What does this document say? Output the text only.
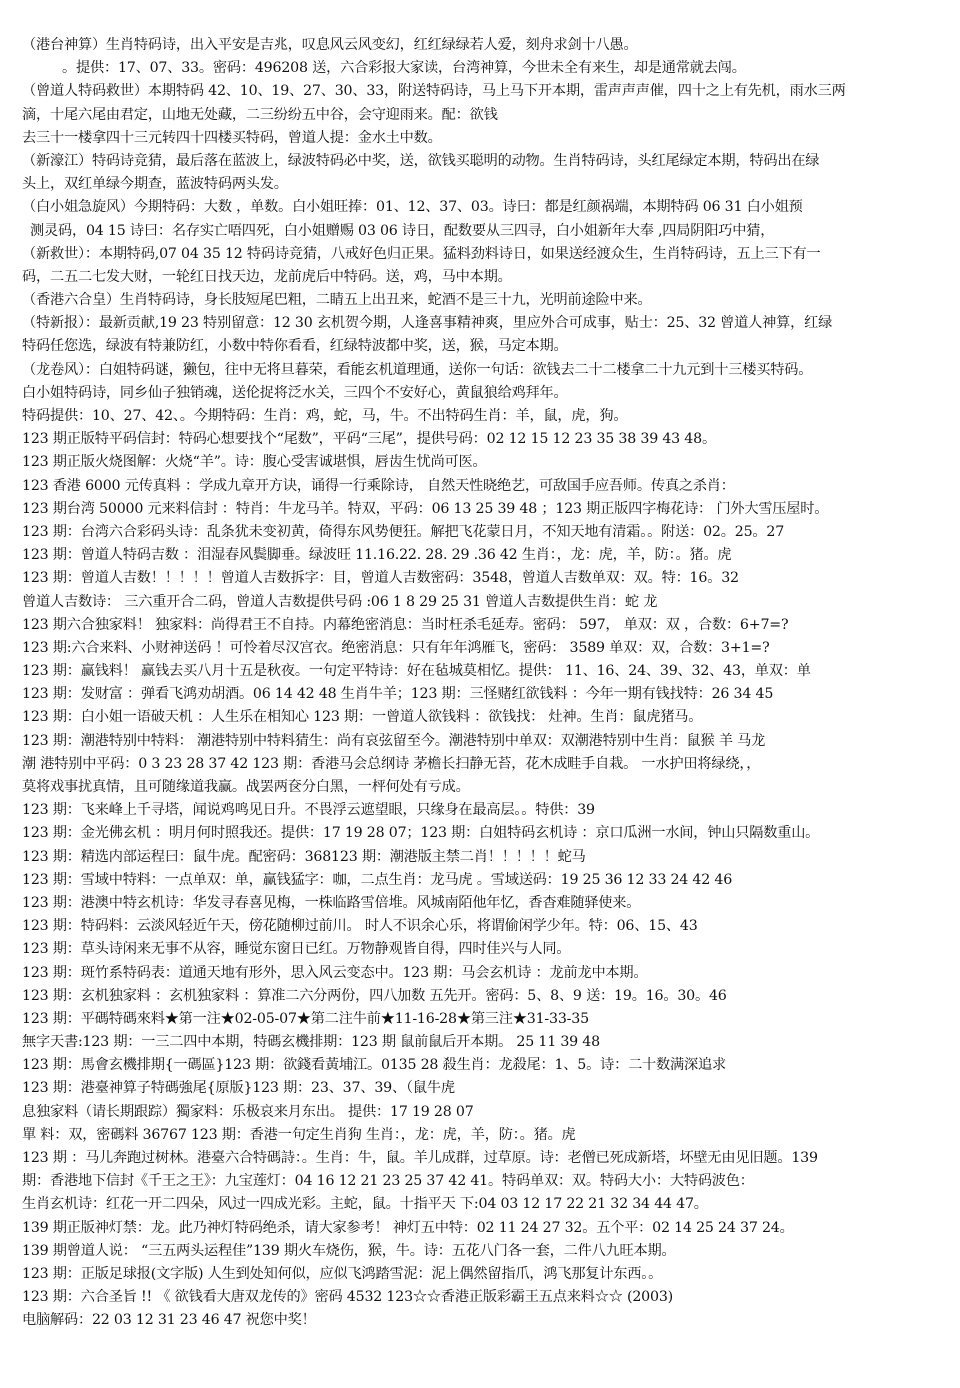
（港台神算）生肖特码诗，出入平安是吉兆，叹息风云风变幻，红红绿绿若人爱，刻舟求剑十八愚。
。提供：17、07、33。密码：496208 送，六合彩报大家读，台湾神算，今世未全有来生，却是通常就去闯。
（曾道人特码救世）本期特码 42、10、19、27、30、33，附送特码诗，马上马下开本期，雷声声声催，四十之上有先机，雨水三两
滴，十尾六尾由君定，山地无处藏，二三纷纷五中谷，会守迎雨来。配：欲钱
去三十一楼拿四十三元转四十四楼买特码，曾道人提：金水土中数。
（新濠江）特码诗竞猜，最后落在蓝波上，绿波特码必中奖，送，欲钱买聪明的动物。生肖特码诗，头红尾绿定本期，特码出在绿
头上，双红单绿今期查，蓝波特码两头发。
（白小姐急旋风）今期特码：大数 ，单数。白小姐旺捧：01、12、37、03。诗曰：都是红颜祸端，本期特码 06 31 白小姐预
测灵码，04 15 诗曰：名存实亡唔四死，白小姐赠赐 03 06 诗日，配数要从三四寻，白小姐新年大奉 ,四局阴阳巧中猜，
（新救世）：本期特码,07 04 35 12 特码诗竞猜，八戒好色归正果。猛料劲料诗日，如果送经渡众生，生肖特码诗，五上三下有一
码，二五二七发大财，一轮红日找天边，龙前虎后中特码。送，鸡，马中本期。
（香港六合皇）生肖特码诗，身长肢短尾巴粗，二睛五上出丑来，蛇酒不是三十九，光明前途险中来。
（特新报）：最新贡献,19 23 特别留意：12 30 玄机贺今期，人逢喜事精神爽，里应外合可成事，贴士：25、32 曾道人神算，红绿
特码任您选，绿波有特兼防红，小数中特你看看，红绿特波都中奖，送，猴，马定本期。
（龙卷风）：白姐特码谜，獭包，往中无将旦暮荣，看能玄机道理通，送你一句话：欲钱去二十二楼拿二十九元到十三楼买特码。
白小姐特码诗，同乡仙子独销魂，送伦捉将泛水关，三四个不安好心，黄鼠狼给鸡拜年。
特码提供：10、27、42、。今期特码：生肖：鸡，蛇，马，牛。不出特码生肖：羊，鼠，虎，狗。
123 期正版特平码信封：特码心想要找个“尾数”，平码“三尾”，提供号码：02 12 15 12 23 35 38 39 43 48。
123 期正版火烧图解：火烧“羊”。诗：腹心受害诚堪惧，唇齿生忧尚可医。
123 香港 6000 元传真料 ：学成九章开方诀，诵得一行乘除诗， 自然天性晓绝艺，可敌国手应吾师。传真之杀肖：
123 期台湾 50000 元来料信封 ：特肖：牛龙马羊。特双，平码：06 13 25 39 48 ；123 期正版四字梅花诗： 门外大雪压屋时。
123 期：台湾六合彩码头诗：乱条犹未变初黄，倚得东风势便狂。解把飞花蒙日月，不知天地有清霜。。附送：02。25。27
123 期：曾道人特码吉数 ：泪湿春风鬓脚垂。绿波旺 11.16.22. 28. 29 .36 42 生肖：，龙：虎，羊，防：。猪。虎
123 期：曾道人吉数！！！！！曾道人吉数拆字：目，曾道人吉数密码：3548，曾道人吉数单双：双。特：16。32
曾道人吉数诗： 三六重开合二码，曾道人吉数提供号码 :06 1 8 29 25 31 曾道人吉数提供生肖：蛇 龙
123 期六合独家料！ 独家料：尚得君王不自持。内幕绝密消息：当时枉杀毛延寿。密码： 597， 单双：双 ，合数：6+7=?
123 期:六合来料、小财神送码 ！可怜着尽汉宫衣。绝密消息：只有年年鸿雁飞，密码： 3589 单双：双，合数：3+1=?
123 期：赢钱料！ 赢钱去买八月十五是秋夜。一句定平特诗：好在毡城莫相忆。提供： 11、16、24、39、32、43，单双：单
123 期：发财富 ：弹看飞鸿劝胡酒。06 14 42 48 生肖牛羊；123 期：三怪赌红欲钱料 ：今年一期有钱找特：26 34 45
123 期：白小姐一语破天机 ：人生乐在相知心 123 期：一曾道人欲钱料 ：欲钱找： 灶神。生肖：鼠虎猪马。
123 期：潮港特别中特料： 潮港特别中特料猜生：尚有哀弦留至今。潮港特别中单双：双潮港特别中生肖：鼠猴 羊 马龙
潮 港特别中平码：0 3 23 28 37 42 123 期：香港马会总纲诗 茅檐长扫静无苔，花木成畦手自栽。 一水护田将绿绕，，
莫将戏事扰真情，且可随缘道我赢。战罢两奁分白黑，一枰何处有亏成。
123 期：飞来峰上千寻塔，闻说鸡鸣见日升。不畏浮云遮望眼，只缘身在最高层。。特供：39
123 期：金光佛玄机 ：明月何时照我还。提供：17 19 28 07；123 期：白姐特码玄机诗 ：京口瓜洲一水间，钟山只隔数重山。
123 期：精选内部运程曰：鼠牛虎。配密码：368123 期：潮港版主禁二肖！！！！！蛇马
123 期：雪域中特料：一点单双：单，赢钱猛字：咖，二点生肖：龙马虎 。雪域送码：19 25 36 12 33 24 42 46
123 期：港澳中特玄机诗：华发寻春喜见梅，一株临路雪倍堆。风城南陌他年忆，香杳难随驿使来。
123 期：特码料：云淡风轻近午天，傍花随柳过前川。 时人不识余心乐，将谓偷闲学少年。特：06、15、43
123 期：草头诗闲来无事不从容，睡觉东窗日已红。万物静观皆自得，四时佳兴与人同。
123 期：斑竹系特码表：道通天地有形外，思入风云变态中。123 期：马会玄机诗 ：龙前龙中本期。
123 期：玄机独家料 ：玄机独家料 ：算准二六分两份，四八加数 五先开。密码：5、8、9 送：19。16。30。46
123 期：平碼特碼來料★第一注★02-05-07★第二注牛前★11-16-28★第三注★31-33-35
無字天書:123 期：一三二四中本期，特碼玄機排期：123 期 鼠前鼠后开本期。 25 11 39 48
123 期：馬會玄機排期{一碼區}123 期：欲錢看黃埔江。0135 28 殺生肖：龙殺尾：1、5。诗：二十数满深追求
123 期：港臺神算子特碼強尾{原版}123 期：23、37、39、（鼠牛虎
息独家料（请长期跟踪）獨家料：乐极哀来月东出。 提供：17 19 28 07
單 料：双，密碼料 36767 123 期：香港一句定生肖狗 生肖：，龙：虎，羊，防：。猪。虎
123 期 ：马儿奔跑过树林。港臺六合特碼詩：。生肖：牛，鼠。羊儿成群，过草原。诗：老僧已死成新塔，坏壁无由见旧题。139
期：香港地下信封《千王之王》：九宝莲灯：04 16 12 21 23 25 37 42 41。特码单双：双。特码大小：大特码波色：
生肖玄机诗：红花一开二四朵，风过一四成光彩。主蛇，鼠。十指平天 下:04 03 12 17 22 21 32 34 44 47。
139 期正版神灯禁：龙。此乃神灯特码绝杀，请大家参考！ 神灯五中特：02 11 24 27 32。五个平：02 14 25 24 37 24。
139 期曾道人说： “三五两头运程佳”139 期火车烧伤，猴，牛。诗：五花八门各一套，二件八九旺本期。
123 期：正版足球报(文字版) 人生到处知何似，应似飞鸿踏雪泥：泥上偶然留指爪，鸿飞那复计东西。。
123 期：六合圣旨 !! 《 欲钱看大唐双龙传的》密码 4532 123☆☆香港正版彩霸王五点来料☆☆ (2003)
电脑解码：22 03 12 31 23 46 47 祝您中奖！
